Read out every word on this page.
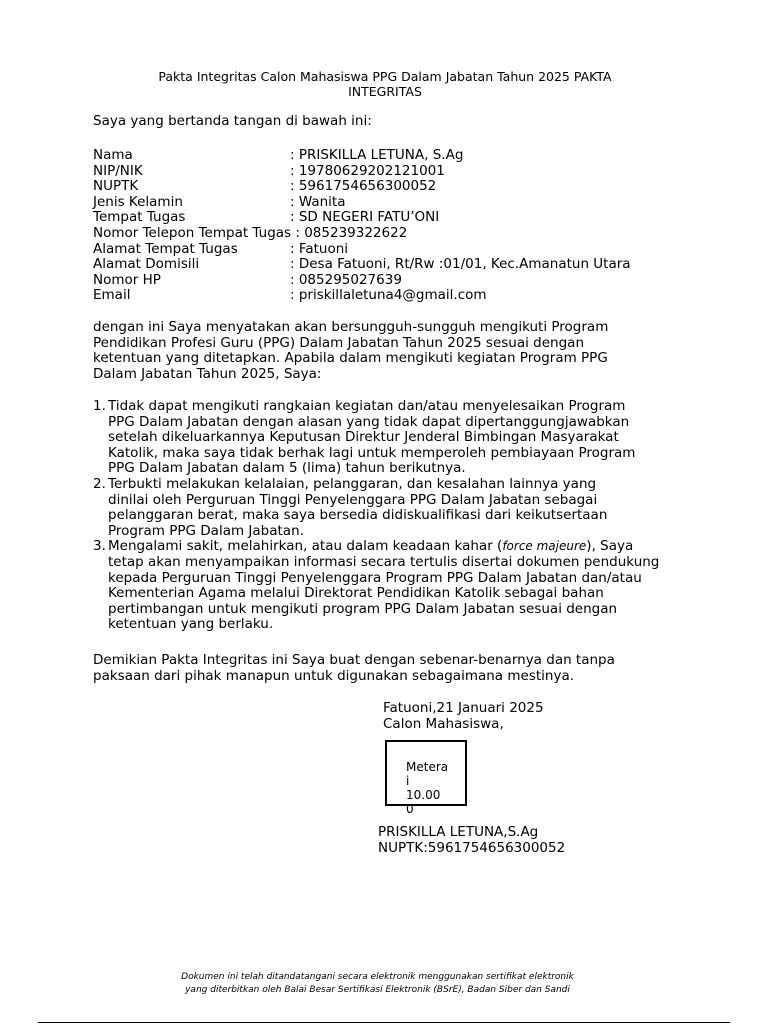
Pakta Integritas Calon Mahasiswa PPG Dalam Jabatan Tahun 2025 PAKTA INTEGRITAS
Saya yang bertanda tangan di bawah ini:
Nama	: PRISKILLA LETUNA, S.Ag
NIP/NIK	: 19780629202121001
NUPTK	: 5961754656300052
Jenis Kelamin	: Wanita
Tempat Tugas	: SD NEGERI FATU’ONI
Nomor Telepon Tempat Tugas : 085239322622
Alamat Tempat Tugas	: Fatuoni
Alamat Domisili	: Desa Fatuoni, Rt/Rw :01/01, Kec.Amanatun Utara
Nomor HP	: 085295027639
Email	: priskillaletuna4@gmail.com

dengan ini Saya menyatakan akan bersungguh-sungguh mengikuti Program Pendidikan Profesi Guru (PPG) Dalam Jabatan Tahun 2025 sesuai dengan ketentuan yang ditetapkan. Apabila dalam mengikuti kegiatan Program PPG Dalam Jabatan Tahun 2025, Saya:

1. Tidak dapat mengikuti rangkaian kegiatan dan/atau menyelesaikan Program
PPG Dalam Jabatan dengan alasan yang tidak dapat dipertanggungjawabkan setelah dikeluarkannya Keputusan Direktur Jenderal Bimbingan Masyarakat Katolik, maka saya tidak berhak lagi untuk memperoleh pembiayaan Program PPG Dalam Jabatan dalam 5 (lima) tahun berikutnya.
2. Terbukti melakukan kelalaian, pelanggaran, dan kesalahan lainnya yang
dinilai oleh Perguruan Tinggi Penyelenggara PPG Dalam Jabatan sebagai pelanggaran berat, maka saya bersedia didiskualifikasi dari keikutsertaan Program PPG Dalam Jabatan.
3. Mengalami sakit, melahirkan, atau dalam keadaan kahar (force majeure), Saya
tetap akan menyampaikan informasi secara tertulis disertai dokumen pendukung kepada Perguruan Tinggi Penyelenggara Program PPG Dalam Jabatan dan/atau Kementerian Agama melalui Direktorat Pendidikan Katolik sebagai bahan pertimbangan untuk mengikuti program PPG Dalam Jabatan sesuai dengan ketentuan yang berlaku.

Demikian Pakta Integritas ini Saya buat dengan sebenar-benarnya dan tanpa paksaan dari pihak manapun untuk digunakan sebagaimana mestinya.

Fatuoni,21 Januari 2025
Calon Mahasiswa,
Metera
i
10.00
0
PRISKILLA LETUNA,S.Ag
NUPTK:5961754656300052
Dokumen ini telah ditandatangani secara elektronik menggunakan sertifikat elektronik
yang diterbitkan oleh Balai Besar Sertifikasi Elektronik (BSrE), Badan Siber dan Sandi
